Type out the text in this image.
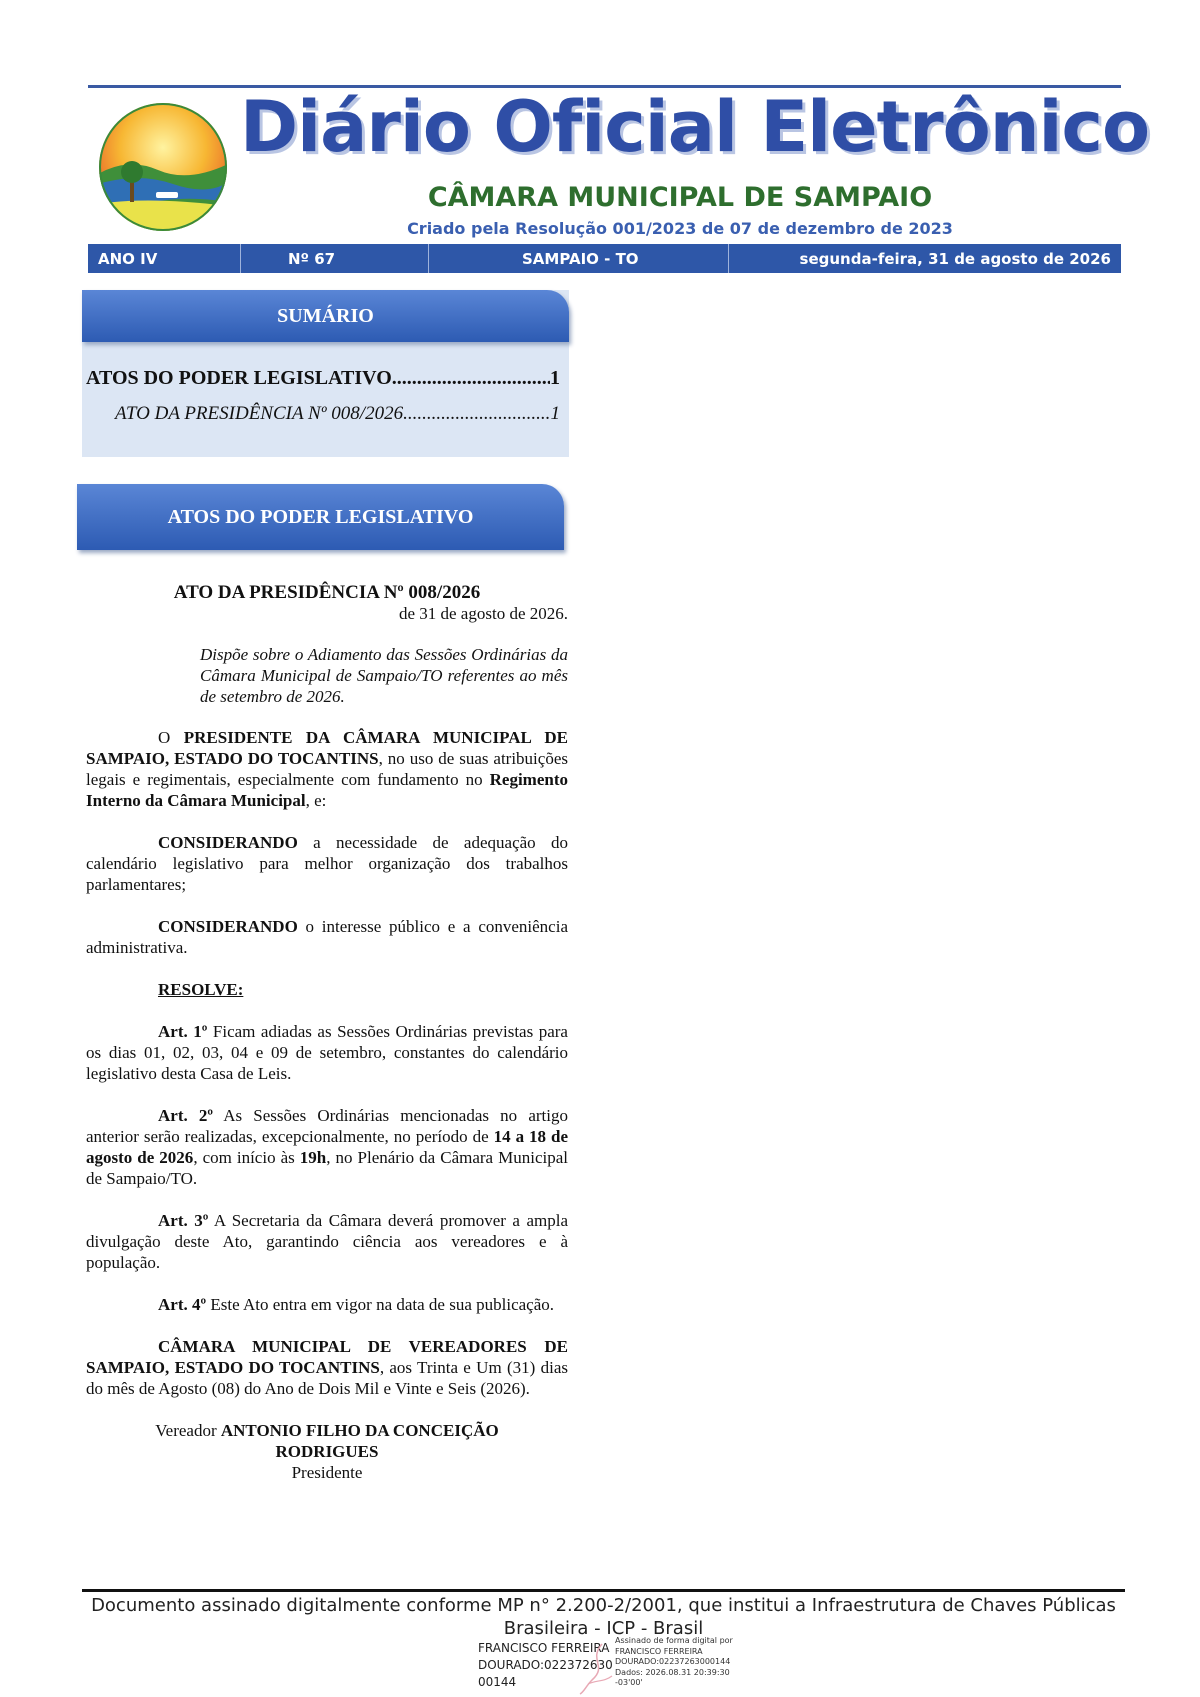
Diário Oficial Eletrônico
CÂMARA MUNICIPAL DE SAMPAIO
Criado pela Resolução 001/2023 de 07 de dezembro de 2023
ANO IV	Nº 67	SAMPAIO - TO	segunda-feira, 31 de agosto de 2026
SUMÁRIO
ATOS DO PODER LEGISLATIVO .....	1
ATO DA PRESIDÊNCIA Nº 008/2026 .....	1
ATOS DO PODER LEGISLATIVO

ATO DA PRESIDÊNCIA Nº 008/2026

de 31 de agosto de 2026.

Dispõe sobre o Adiamento das Sessões Ordinárias da Câmara Municipal de Sampaio/TO referentes ao mês de setembro de 2026.

O PRESIDENTE DA CÂMARA MUNICIPAL DE SAMPAIO, ESTADO DO TOCANTINS, no uso de suas atribuições legais e regimentais, especialmente com fundamento no Regimento Interno da Câmara Municipal, e:

CONSIDERANDO a necessidade de adequação do calendário legislativo para melhor organização dos trabalhos parlamentares;

CONSIDERANDO o interesse público e a conveniência administrativa.

RESOLVE:

Art. 1º Ficam adiadas as Sessões Ordinárias previstas para os dias 01, 02, 03, 04 e 09 de setembro, constantes do calendário legislativo desta Casa de Leis.

Art. 2º As Sessões Ordinárias mencionadas no artigo anterior serão realizadas, excepcionalmente, no período de 14 a 18 de agosto de 2026, com início às 19h, no Plenário da Câmara Municipal de Sampaio/TO.

Art. 3º A Secretaria da Câmara deverá promover a ampla divulgação deste Ato, garantindo ciência aos vereadores e à população.

Art. 4º Este Ato entra em vigor na data de sua publicação.

CÂMARA MUNICIPAL DE VEREADORES DE SAMPAIO, ESTADO DO TOCANTINS, aos Trinta e Um (31) dias do mês de Agosto (08) do Ano de Dois Mil e Vinte e Seis (2026).

Vereador ANTONIO FILHO DA CONCEIÇÃO

RODRIGUES

Presidente

Documento assinado digitalmente conforme MP n° 2.200-2/2001, que institui a Infraestrutura de Chaves Públicas
Brasileira - ICP - Brasil
FRANCISCO FERREIRA
DOURADO:022372630
00144
Assinado de forma digital por
FRANCISCO FERREIRA
DOURADO:02237263000144
Dados: 2026.08.31 20:39:30
-03'00'
